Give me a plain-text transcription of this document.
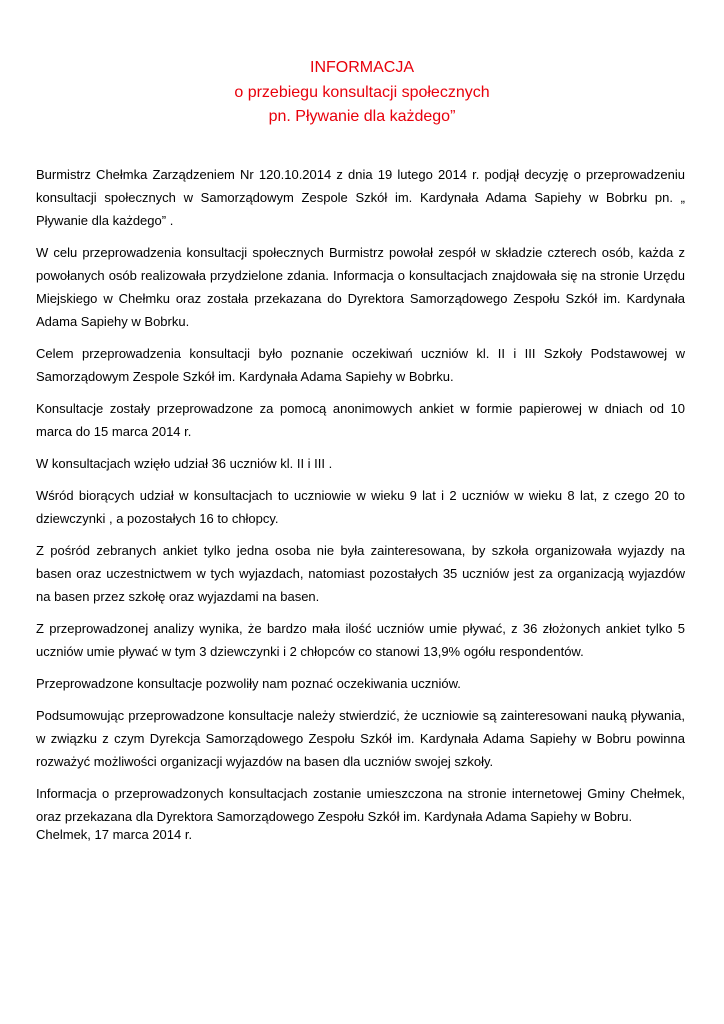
INFORMACJA
o przebiegu konsultacji społecznych
pn. Pływanie dla każdego”

Burmistrz Chełmka Zarządzeniem Nr 120.10.2014 z dnia 19 lutego 2014 r. podjął decyzję o przeprowadzeniu konsultacji społecznych w Samorządowym Zespole Szkół im. Kardynała Adama Sapiehy w Bobrku pn. „ Pływanie dla każdego” .

W celu przeprowadzenia konsultacji społecznych Burmistrz powołał zespół w składzie czterech osób, każda z powołanych osób realizowała przydzielone zdania. Informacja o konsultacjach znajdowała się na stronie Urzędu Miejskiego w Chełmku oraz została przekazana do Dyrektora Samorządowego Zespołu Szkół im. Kardynała Adama Sapiehy w Bobrku.

Celem przeprowadzenia konsultacji było poznanie oczekiwań uczniów kl. II i III Szkoły Podstawowej w Samorządowym Zespole Szkół im. Kardynała Adama Sapiehy w Bobrku.

Konsultacje zostały przeprowadzone za pomocą anonimowych ankiet w formie papierowej w dniach od 10 marca do 15 marca 2014 r.

W konsultacjach wzięło udział 36 uczniów kl. II i III .

Wśród biorących udział w konsultacjach to uczniowie w wieku 9 lat i 2 uczniów w wieku 8 lat, z czego 20 to dziewczynki , a pozostałych 16 to chłopcy.

Z pośród zebranych ankiet tylko jedna osoba nie była zainteresowana, by szkoła organizowała wyjazdy na basen oraz uczestnictwem w tych wyjazdach, natomiast pozostałych 35 uczniów jest za organizacją wyjazdów na basen przez szkołę oraz wyjazdami na basen.

Z przeprowadzonej analizy wynika, że bardzo mała ilość uczniów umie pływać, z 36 złożonych ankiet tylko 5 uczniów umie pływać w tym 3 dziewczynki i 2 chłopców co stanowi 13,9% ogółu respondentów.

Przeprowadzone konsultacje pozwoliły nam poznać oczekiwania uczniów.

Podsumowując przeprowadzone konsultacje należy stwierdzić, że uczniowie są zainteresowani nauką pływania, w związku z czym Dyrekcja Samorządowego Zespołu Szkół im. Kardynała Adama Sapiehy w Bobru powinna rozważyć możliwości organizacji wyjazdów na basen dla uczniów swojej szkoły.

Informacja o przeprowadzonych konsultacjach zostanie umieszczona na stronie internetowej Gminy Chełmek, oraz przekazana dla Dyrektora Samorządowego Zespołu Szkół im. Kardynała Adama Sapiehy w Bobru.

Chelmek, 17 marca 2014 r.
